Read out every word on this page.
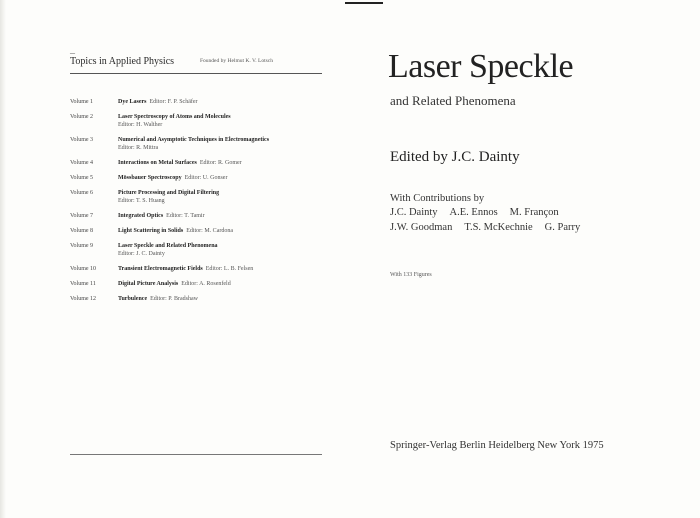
–
Topics in Applied Physics	Founded by Helmut K. V. Lotsch
Volume 1	Dye Lasers Editor: F. P. Schäfer
Volume 2	Laser Spectroscopy of Atoms and Molecules
Editor: H. Walther
Volume 3	Numerical and Asymptotic Techniques in Electromagnetics
Editor: R. Mittra
Volume 4	Interactions on Metal Surfaces Editor: R. Gomer
Volume 5	Mössbauer Spectroscopy Editor: U. Gonser
Volume 6	Picture Processing and Digital Filtering
Editor: T. S. Huang
Volume 7	Integrated Optics Editor: T. Tamir
Volume 8	Light Scattering in Solids Editor: M. Cardona
Volume 9	Laser Speckle and Related Phenomena
Editor: J. C. Dainty
Volume 10	Transient Electromagnetic Fields Editor: L. B. Felsen
Volume 11	Digital Picture Analysis Editor: A. Rosenfeld
Volume 12	Turbulence Editor: P. Bradshaw
Laser Speckle
and Related Phenomena
Edited by J.C. Dainty
With Contributions by
J.C. Dainty A.E. Ennos M. Françon
J.W. Goodman T.S. McKechnie G. Parry
With 133 Figures
Springer-Verlag Berlin Heidelberg New York 1975
